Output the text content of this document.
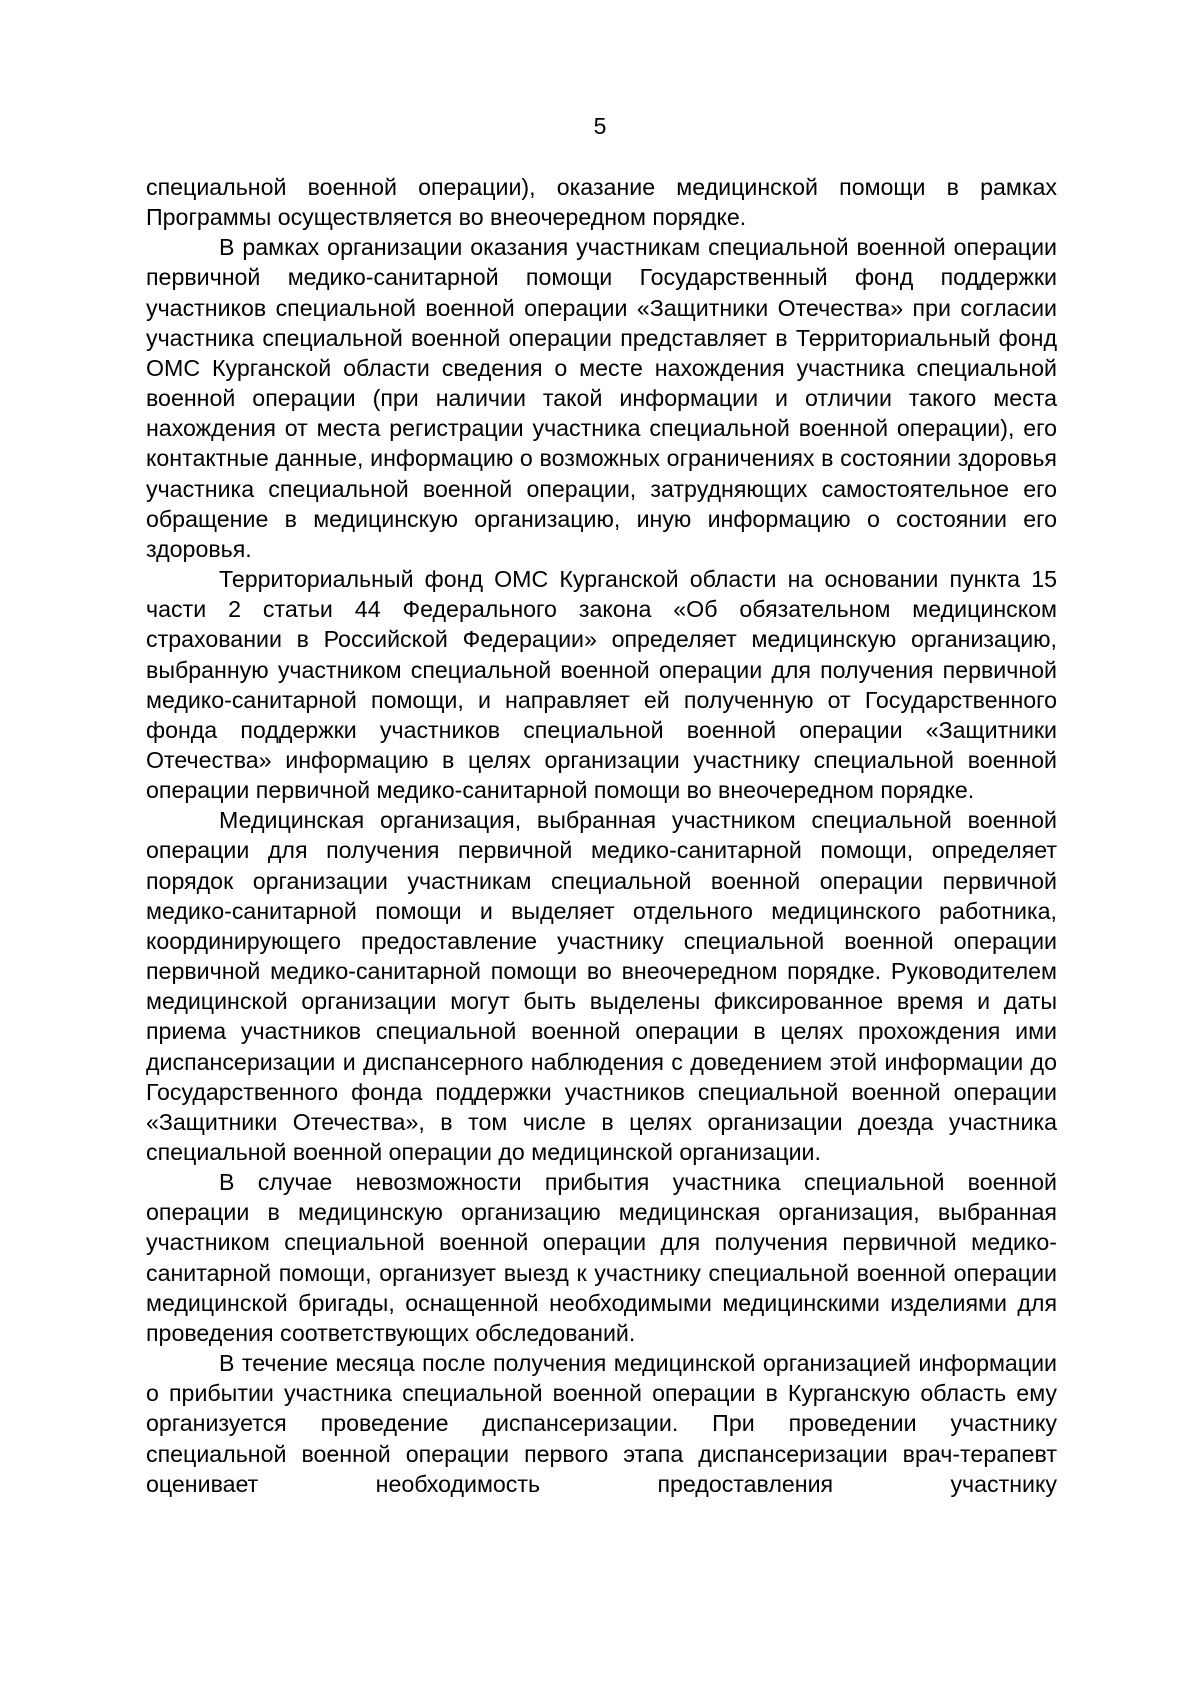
5

специальной военной операции), оказание медицинской помощи в рамках Программы осуществляется во внеочередном порядке.

В рамках организации оказания участникам специальной военной операции первичной медико-санитарной помощи Государственный фонд поддержки участников специальной военной операции «Защитники Отечества» при согласии участника специальной военной операции представляет в Территориальный фонд ОМС Курганской области сведения о месте нахождения участника специальной военной операции (при наличии такой информации и отличии такого места нахождения от места регистрации участника специальной военной операции), его контактные данные, информацию о возможных ограничениях в состоянии здоровья участника специальной военной операции, затрудняющих самостоятельное его обращение в медицинскую организацию, иную информацию о состоянии его здоровья.

Территориальный фонд ОМС Курганской области на основании пункта 15 части 2 статьи 44 Федерального закона «Об обязательном медицинском страховании в Российской Федерации» определяет медицинскую организацию, выбранную участником специальной военной операции для получения первичной медико-санитарной помощи, и направляет ей полученную от Государственного фонда поддержки участников специальной военной операции «Защитники Отечества» информацию в целях организации участнику специальной военной операции первичной медико-санитарной помощи во внеочередном порядке.

Медицинская организация, выбранная участником специальной военной операции для получения первичной медико-санитарной помощи, определяет порядок организации участникам специальной военной операции первичной медико-санитарной помощи и выделяет отдельного медицинского работника, координирующего предоставление участнику специальной военной операции первичной медико-санитарной помощи во внеочередном порядке. Руководителем медицинской организации могут быть выделены фиксированное время и даты приема участников специальной военной операции в целях прохождения ими диспансеризации и диспансерного наблюдения с доведением этой информации до Государственного фонда поддержки участников специальной военной операции «Защитники Отечества», в том числе в целях организации доезда участника специальной военной операции до медицинской организации.

В случае невозможности прибытия участника специальной военной операции в медицинскую организацию медицинская организация, выбранная участником специальной военной операции для получения первичной медико-санитарной помощи, организует выезд к участнику специальной военной операции медицинской бригады, оснащенной необходимыми медицинскими изделиями для проведения соответствующих обследований.

В течение месяца после получения медицинской организацией информации о прибытии участника специальной военной операции в Курганскую область ему организуется проведение диспансеризации. При проведении участнику специальной военной операции первого этапа диспансеризации врач-терапевт оценивает необходимость предоставления участнику
